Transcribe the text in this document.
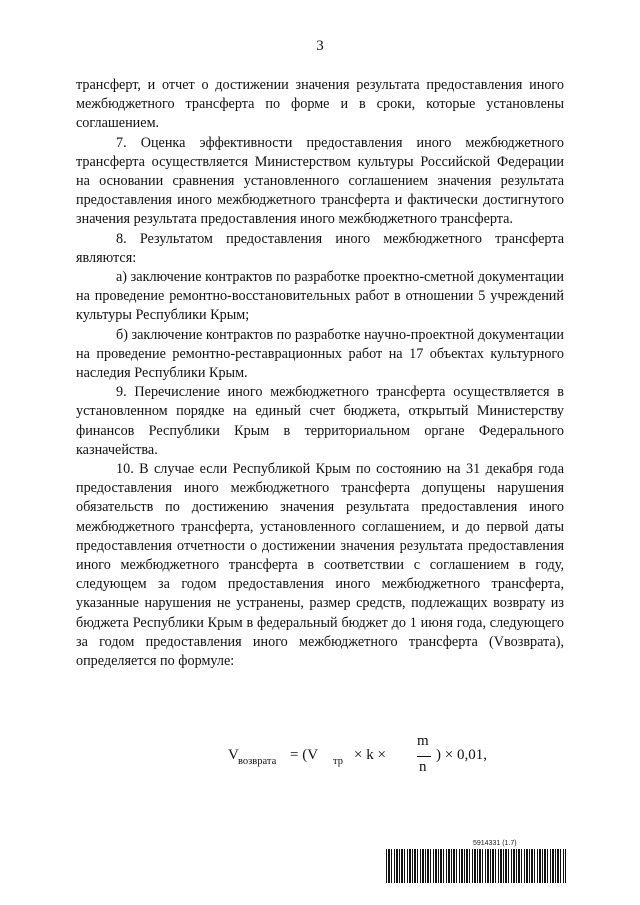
3

трансферт, и отчет о достижении значения результата предоставления иного межбюджетного трансферта по форме и в сроки, которые установлены соглашением.

7. Оценка эффективности предоставления иного межбюджетного трансферта осуществляется Министерством культуры Российской Федерации на основании сравнения установленного соглашением значения результата предоставления иного межбюджетного трансферта и фактически достигнутого значения результата предоставления иного межбюджетного трансферта.

8. Результатом предоставления иного межбюджетного трансферта являются:

а) заключение контрактов по разработке проектно-сметной документации на проведение ремонтно-восстановительных работ в отношении 5 учреждений культуры Республики Крым;

б) заключение контрактов по разработке научно-проектной документации на проведение ремонтно-реставрационных работ на 17 объектах культурного наследия Республики Крым.

9. Перечисление иного межбюджетного трансферта осуществляется в установленном порядке на единый счет бюджета, открытый Министерству финансов Республики Крым в территориальном органе Федерального казначейства.

10. В случае если Республикой Крым по состоянию на 31 декабря года предоставления иного межбюджетного трансферта допущены нарушения обязательств по достижению значения результата предоставления иного межбюджетного трансферта, установленного соглашением, и до первой даты предоставления отчетности о достижении значения результата предоставления иного межбюджетного трансферта в соответствии с соглашением в году, следующем за годом предоставления иного межбюджетного трансферта, указанные нарушения не устранены, размер средств, подлежащих возврату из бюджета Республики Крым в федеральный бюджет до 1 июня года, следующего за годом предоставления иного межбюджетного трансферта (Vвозврата), определяется по формуле:

V возврата = (V тр × k ×
m
n
) × 0,01,
5914331 (1.7)
